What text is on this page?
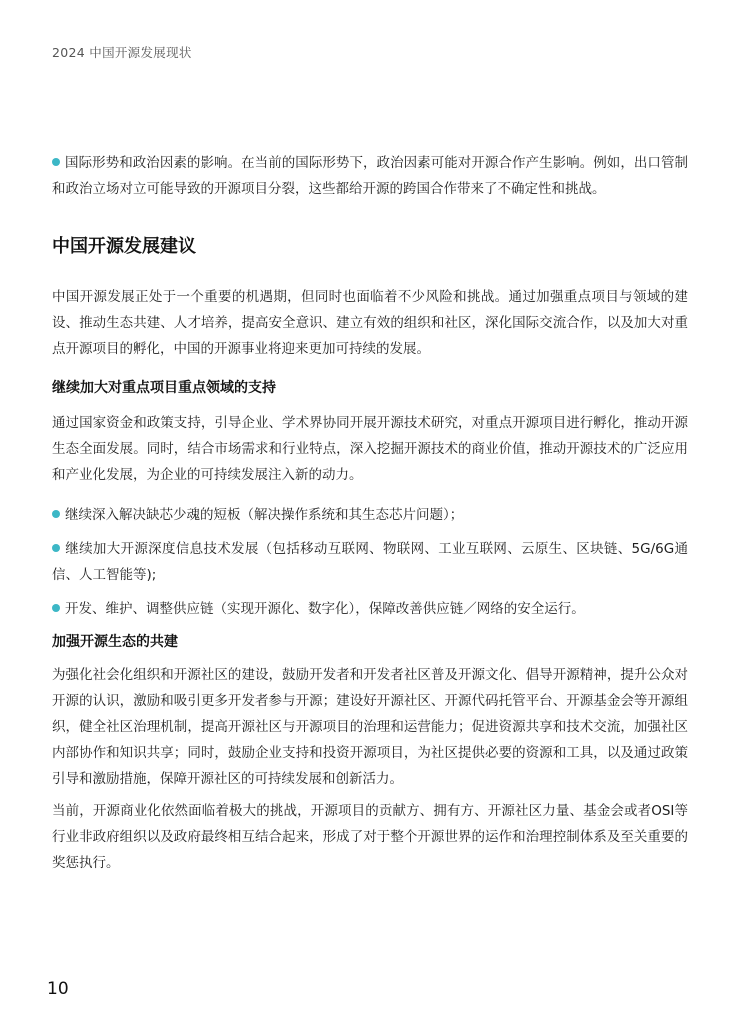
2024 中国开源发展现状

国际形势和政治因素的影响。在当前的国际形势下，政治因素可能对开源合作产生影响。例如，出口管制和政治立场对立可能导致的开源项目分裂，这些都给开源的跨国合作带来了不确定性和挑战。

中国开源发展建议

中国开源发展正处于一个重要的机遇期，但同时也面临着不少风险和挑战。通过加强重点项目与领域的建设、推动生态共建、人才培养，提高安全意识、建立有效的组织和社区，深化国际交流合作，以及加大对重点开源项目的孵化，中国的开源事业将迎来更加可持续的发展。

继续加大对重点项目重点领域的支持

通过国家资金和政策支持，引导企业、学术界协同开展开源技术研究，对重点开源项目进行孵化，推动开源生态全面发展。同时，结合市场需求和行业特点，深入挖掘开源技术的商业价值，推动开源技术的广泛应用和产业化发展，为企业的可持续发展注入新的动力。

继续深入解决缺芯少魂的短板（解决操作系统和其生态芯片问题）；

继续加大开源深度信息技术发展（包括移动互联网、物联网、工业互联网、云原生、区块链、5G/6G通信、人工智能等);

开发、维护、调整供应链（实现开源化、数字化），保障改善供应链／网络的安全运行。

加强开源生态的共建

为强化社会化组织和开源社区的建设，鼓励开发者和开发者社区普及开源文化、倡导开源精神，提升公众对开源的认识，激励和吸引更多开发者参与开源；建设好开源社区、开源代码托管平台、开源基金会等开源组织，健全社区治理机制，提高开源社区与开源项目的治理和运营能力；促进资源共享和技术交流，加强社区内部协作和知识共享；同时，鼓励企业支持和投资开源项目，为社区提供必要的资源和工具，以及通过政策引导和激励措施，保障开源社区的可持续发展和创新活力。

当前，开源商业化依然面临着极大的挑战，开源项目的贡献方、拥有方、开源社区力量、基金会或者OSI等行业非政府组织以及政府最终相互结合起来，形成了对于整个开源世界的运作和治理控制体系及至关重要的奖惩执行。

10
